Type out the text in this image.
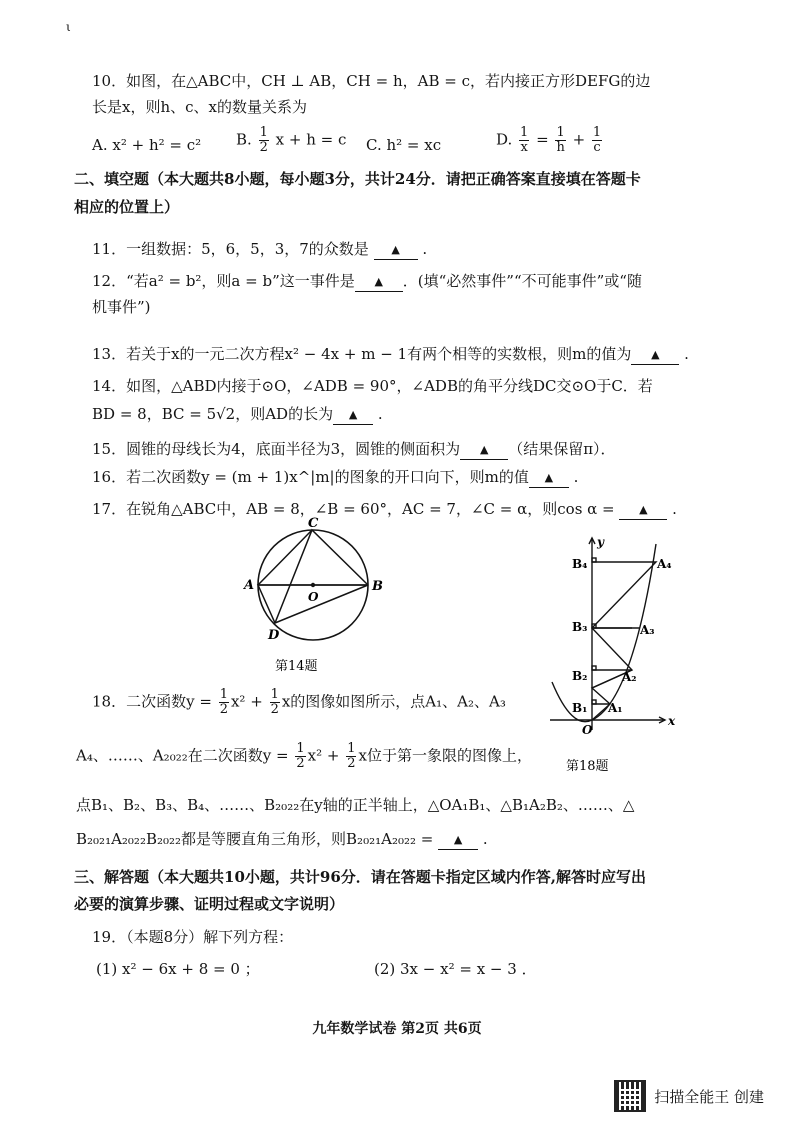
ι
10．如图，在△ABC中，CH ⊥ AB，CH = h，AB = c，若内接正方形DEFG的边
长是x，则h、c、x的数量关系为
A. x² + h² = c² B. $\frac{1}{2}$ x + h = c C. h² = xc	D. $\frac{1}{x} = \frac{1}{h} + \frac{1}{c}$
二、填空题（本大题共8小题，每小题3分，共计24分．请把正确答案直接填在答题卡
相应的位置上）
11．一组数据：5，6，5，3，7的众数是 ▲ .
12．“若a² = b²，则a = b”这一事件是 ▲ ．(填“必然事件”“不可能事件”或“随
机事件”)
13．若关于x的一元二次方程x² − 4x + m − 1有两个相等的实数根，则m的值为 ▲ .
14．如图，△ABD内接于⊙O，∠ADB = 90°，∠ADB的角平分线DC交⊙O于C．若
BD = 8，BC = 5√2，则AD的长为 ▲ .
15．圆锥的母线长为4，底面半径为3，圆锥的侧面积为 ▲ （结果保留π）．
16．若二次函数y = (m + 1)x^|m|的图象的开口向下，则m的值 ▲ .
17．在锐角△ABC中，AB = 8，∠B = 60°，AC = 7，∠C = α，则cos α = ▲ .
C
A	B
D
O
第14题
y
x
O
B₄
B₃
B₂
B₁
A₄
A₃
A₂
A₁
第18题
18．二次函数$y = \frac{1}{2} x^2 + \frac{1}{2}$ x的图像如图所示，点A₁、A₂、A₃
A₄、……、A₂₀₂₂在二次函数$y = \frac{1}{2} x^2 + \frac{1}{2}$ x位于第一象限的图像上，
点B₁、B₂、B₃、B₄、……、B₂₀₂₂在y轴的正半轴上，△OA₁B₁、△B₁A₂B₂、……、△
B₂₀₂₁A₂₀₂₂B₂₀₂₂都是等腰直角三角形，则B₂₀₂₁A₂₀₂₂ = ▲ .
三、解答题（本大题共10小题，共计96分．请在答题卡指定区域内作答,解答时应写出
必要的演算步骤、证明过程或文字说明）
19．（本题8分）解下列方程：
(1) x² − 6x + 8 = 0 ；	(2) 3x − x² = x − 3 ．
九年数学试卷 第2页 共6页
扫描全能王 创建
